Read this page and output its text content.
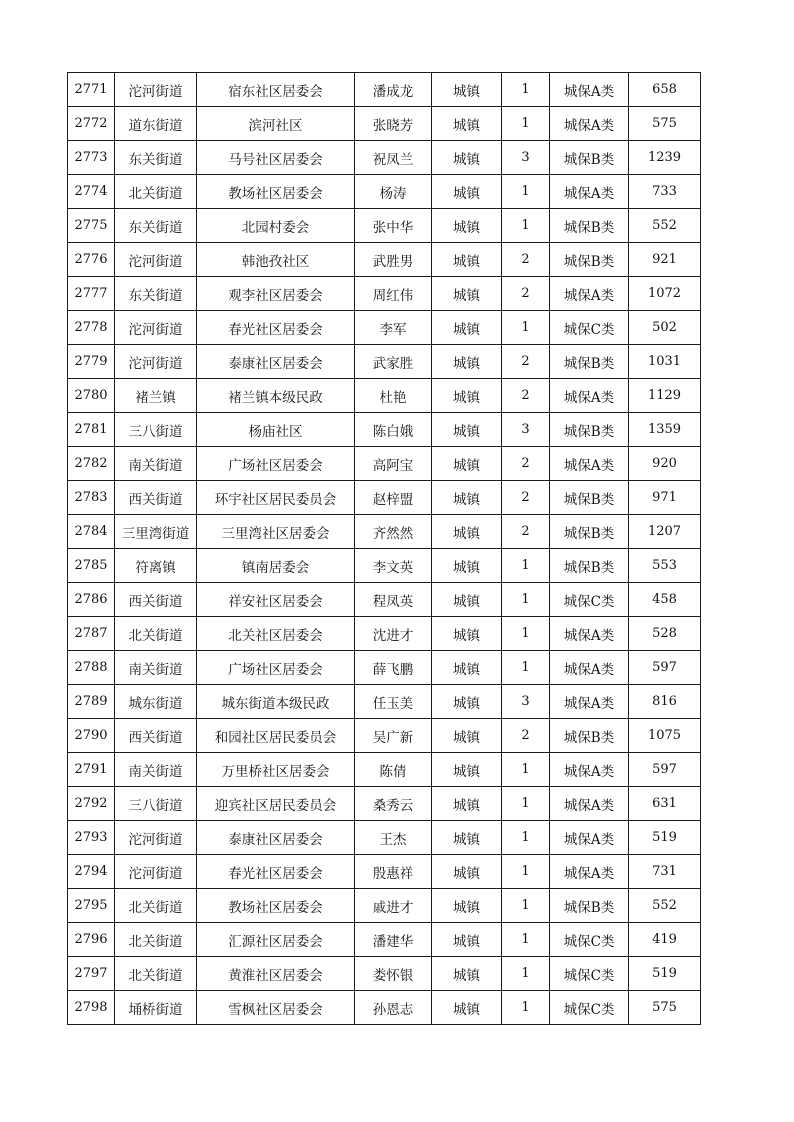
2771	沱河街道	宿东社区居委会	潘成龙	城镇	1	城保A类	658
2772	道东街道	滨河社区	张晓芳	城镇	1	城保A类	575
2773	东关街道	马号社区居委会	祝凤兰	城镇	3	城保B类	1239
2774	北关街道	教场社区居委会	杨涛	城镇	1	城保A类	733
2775	东关街道	北园村委会	张中华	城镇	1	城保B类	552
2776	沱河街道	韩池孜社区	武胜男	城镇	2	城保B类	921
2777	东关街道	观李社区居委会	周红伟	城镇	2	城保A类	1072
2778	沱河街道	春光社区居委会	李军	城镇	1	城保C类	502
2779	沱河街道	泰康社区居委会	武家胜	城镇	2	城保B类	1031
2780	褚兰镇	褚兰镇本级民政	杜艳	城镇	2	城保A类	1129
2781	三八街道	杨庙社区	陈白娥	城镇	3	城保B类	1359
2782	南关街道	广场社区居委会	高阿宝	城镇	2	城保A类	920
2783	西关街道	环宇社区居民委员会	赵梓盟	城镇	2	城保B类	971
2784	三里湾街道	三里湾社区居委会	齐然然	城镇	2	城保B类	1207
2785	符离镇	镇南居委会	李文英	城镇	1	城保B类	553
2786	西关街道	祥安社区居委会	程凤英	城镇	1	城保C类	458
2787	北关街道	北关社区居委会	沈进才	城镇	1	城保A类	528
2788	南关街道	广场社区居委会	薛飞鹏	城镇	1	城保A类	597
2789	城东街道	城东街道本级民政	任玉美	城镇	3	城保A类	816
2790	西关街道	和园社区居民委员会	吴广新	城镇	2	城保B类	1075
2791	南关街道	万里桥社区居委会	陈倩	城镇	1	城保A类	597
2792	三八街道	迎宾社区居民委员会	桑秀云	城镇	1	城保A类	631
2793	沱河街道	泰康社区居委会	王杰	城镇	1	城保A类	519
2794	沱河街道	春光社区居委会	殷惠祥	城镇	1	城保A类	731
2795	北关街道	教场社区居委会	戚进才	城镇	1	城保B类	552
2796	北关街道	汇源社区居委会	潘建华	城镇	1	城保C类	419
2797	北关街道	黄淮社区居委会	娄怀银	城镇	1	城保C类	519
2798	埇桥街道	雪枫社区居委会	孙恩志	城镇	1	城保C类	575
